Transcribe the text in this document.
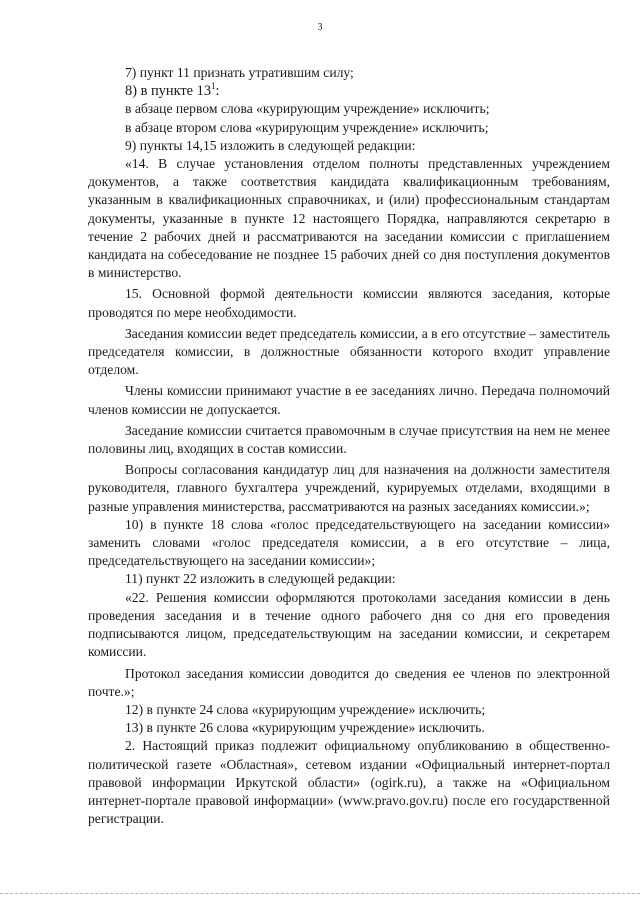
3

7) пункт 11 признать утратившим силу;

8) в пункте $13^1$:

в абзаце первом слова «курирующим учреждение» исключить;

в абзаце втором слова «курирующим учреждение» исключить;

9) пункты 14,15 изложить в следующей редакции:

«14. В случае установления отделом полноты представленных учреждением документов, а также соответствия кандидата квалификационным требованиям, указанным в квалификационных справочниках, и (или) профессиональным стандартам документы, указанные в пункте 12 настоящего Порядка, направляются секретарю в течение 2 рабочих дней и рассматриваются на заседании комиссии с приглашением кандидата на собеседование не позднее 15 рабочих дней со дня поступления документов в министерство.

15. Основной формой деятельности комиссии являются заседания, которые проводятся по мере необходимости.

Заседания комиссии ведет председатель комиссии, а в его отсутствие – заместитель председателя комиссии, в должностные обязанности которого входит управление отделом.

Члены комиссии принимают участие в ее заседаниях лично. Передача полномочий членов комиссии не допускается.

Заседание комиссии считается правомочным в случае присутствия на нем не менее половины лиц, входящих в состав комиссии.

Вопросы согласования кандидатур лиц для назначения на должности заместителя руководителя, главного бухгалтера учреждений, курируемых отделами, входящими в разные управления министерства, рассматриваются на разных заседаниях комиссии.»;

10) в пункте 18 слова «голос председательствующего на заседании комиссии» заменить словами «голос председателя комиссии, а в его отсутствие – лица, председательствующего на заседании комиссии»;

11) пункт 22 изложить в следующей редакции:

«22. Решения комиссии оформляются протоколами заседания комиссии в день проведения заседания и в течение одного рабочего дня со дня его проведения подписываются лицом, председательствующим на заседании комиссии, и секретарем комиссии.

Протокол заседания комиссии доводится до сведения ее членов по электронной почте.»;

12) в пункте 24 слова «курирующим учреждение» исключить;

13) в пункте 26 слова «курирующим учреждение» исключить.

2. Настоящий приказ подлежит официальному опубликованию в общественно-политической газете «Областная», сетевом издании «Официальный интернет-портал правовой информации Иркутской области» (ogirk.ru), а также на «Официальном интернет-портале правовой информации» (www.pravo.gov.ru) после его государственной регистрации.
